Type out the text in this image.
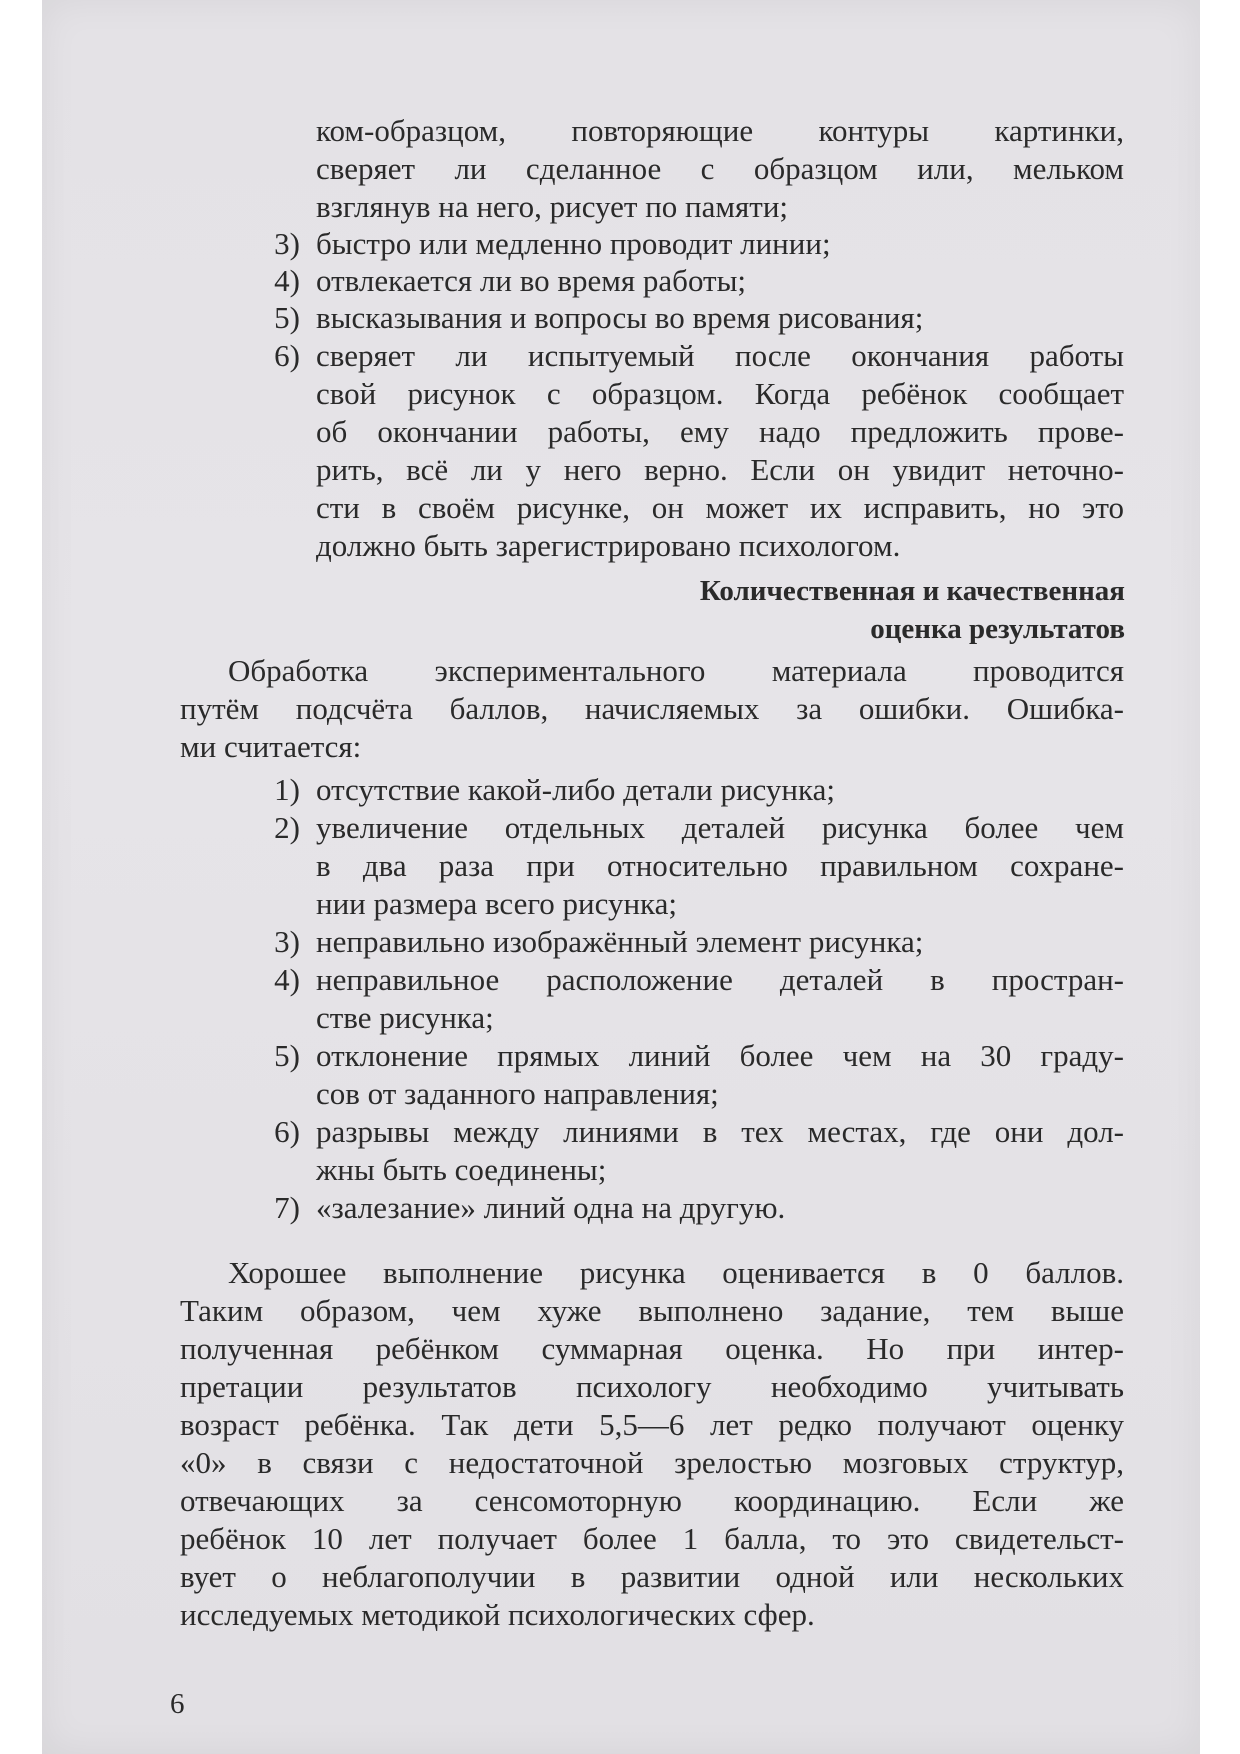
ком-образцом, повторяющие контуры картинки,
сверяет ли сделанное с образцом или, мельком
взглянув на него, рисует по памяти;
3) быстро или медленно проводит линии;
4) отвлекается ли во время работы;
5) высказывания и вопросы во время рисования;
6) сверяет ли испытуемый после окончания работы
свой рисунок с образцом. Когда ребёнок сообщает
об окончании работы, ему надо предложить прове-
рить, всё ли у него верно. Если он увидит неточно-
сти в своём рисунке, он может их исправить, но это
должно быть зарегистрировано психологом.
Количественная и качественная
оценка результатов
Обработка экспериментального материала проводится
путём подсчёта баллов, начисляемых за ошибки. Ошибка-
ми считается:
1) отсутствие какой-либо детали рисунка;
2) увеличение отдельных деталей рисунка более чем
в два раза при относительно правильном сохране-
нии размера всего рисунка;
3) неправильно изображённый элемент рисунка;
4) неправильное расположение деталей в простран-
стве рисунка;
5) отклонение прямых линий более чем на 30 граду-
сов от заданного направления;
6) разрывы между линиями в тех местах, где они дол-
жны быть соединены;
7) «залезание» линий одна на другую.
Хорошее выполнение рисунка оценивается в 0 баллов.
Таким образом, чем хуже выполнено задание, тем выше
полученная ребёнком суммарная оценка. Но при интер-
претации результатов психологу необходимо учитывать
возраст ребёнка. Так дети 5,5—6 лет редко получают оценку
«0» в связи с недостаточной зрелостью мозговых структур,
отвечающих за сенсомоторную координацию. Если же
ребёнок 10 лет получает более 1 балла, то это свидетельст-
вует о неблагополучии в развитии одной или нескольких
исследуемых методикой психологических сфер.
6
